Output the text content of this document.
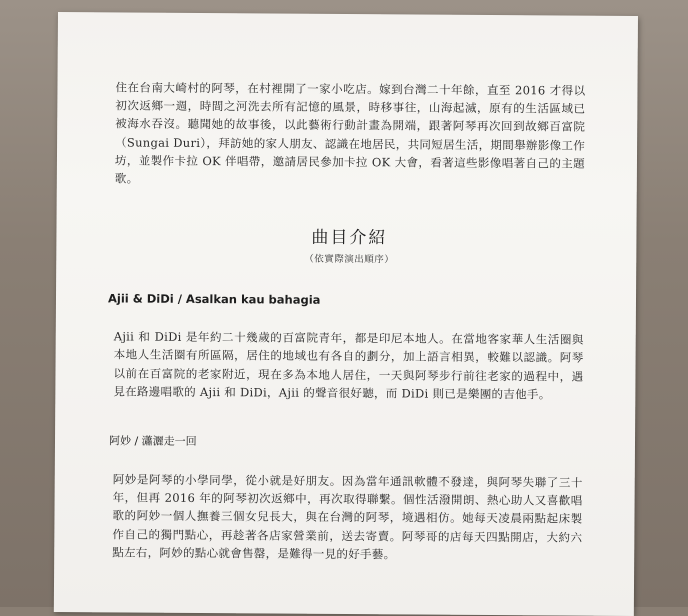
住在台南大崎村的阿琴，在村裡開了一家小吃店。嫁到台灣二十年餘，直至 2016 才得以初次返鄉一週，時間之河洗去所有記憶的風景，時移事往，山海起滅，原有的生活區域已被海水吞沒。聽聞她的故事後，以此藝術行動計畫為開端，跟著阿琴再次回到故鄉百富院（Sungai Duri），拜訪她的家人朋友、認識在地居民，共同短居生活，期間舉辦影像工作坊，並製作卡拉 OK 伴唱帶，邀請居民參加卡拉 OK 大會，看著這些影像唱著自己的主題歌。

曲目介紹
（依實際演出順序）
Ajii & DiDi / Asalkan kau bahagia

Ajii 和 DiDi 是年約二十幾歲的百富院青年，都是印尼本地人。在當地客家華人生活圈與本地人生活圈有所區隔，居住的地域也有各自的劃分，加上語言相異，較難以認識。阿琴以前在百富院的老家附近，現在多為本地人居住，一天與阿琴步行前往老家的過程中，遇見在路邊唱歌的 Ajii 和 DiDi，Ajii 的聲音很好聽，而 DiDi 則已是樂團的吉他手。

阿妙 / 瀟灑走一回

阿妙是阿琴的小學同學，從小就是好朋友。因為當年通訊軟體不發達，與阿琴失聯了三十年，但再 2016 年的阿琴初次返鄉中，再次取得聯繫。個性活潑開朗、熱心助人又喜歡唱歌的阿妙一個人撫養三個女兒長大，與在台灣的阿琴，境遇相仿。她每天凌晨兩點起床製作自己的獨門點心，再趁著各店家營業前，送去寄賣。阿琴哥的店每天四點開店，大約六點左右，阿妙的點心就會售罄，是難得一見的好手藝。
